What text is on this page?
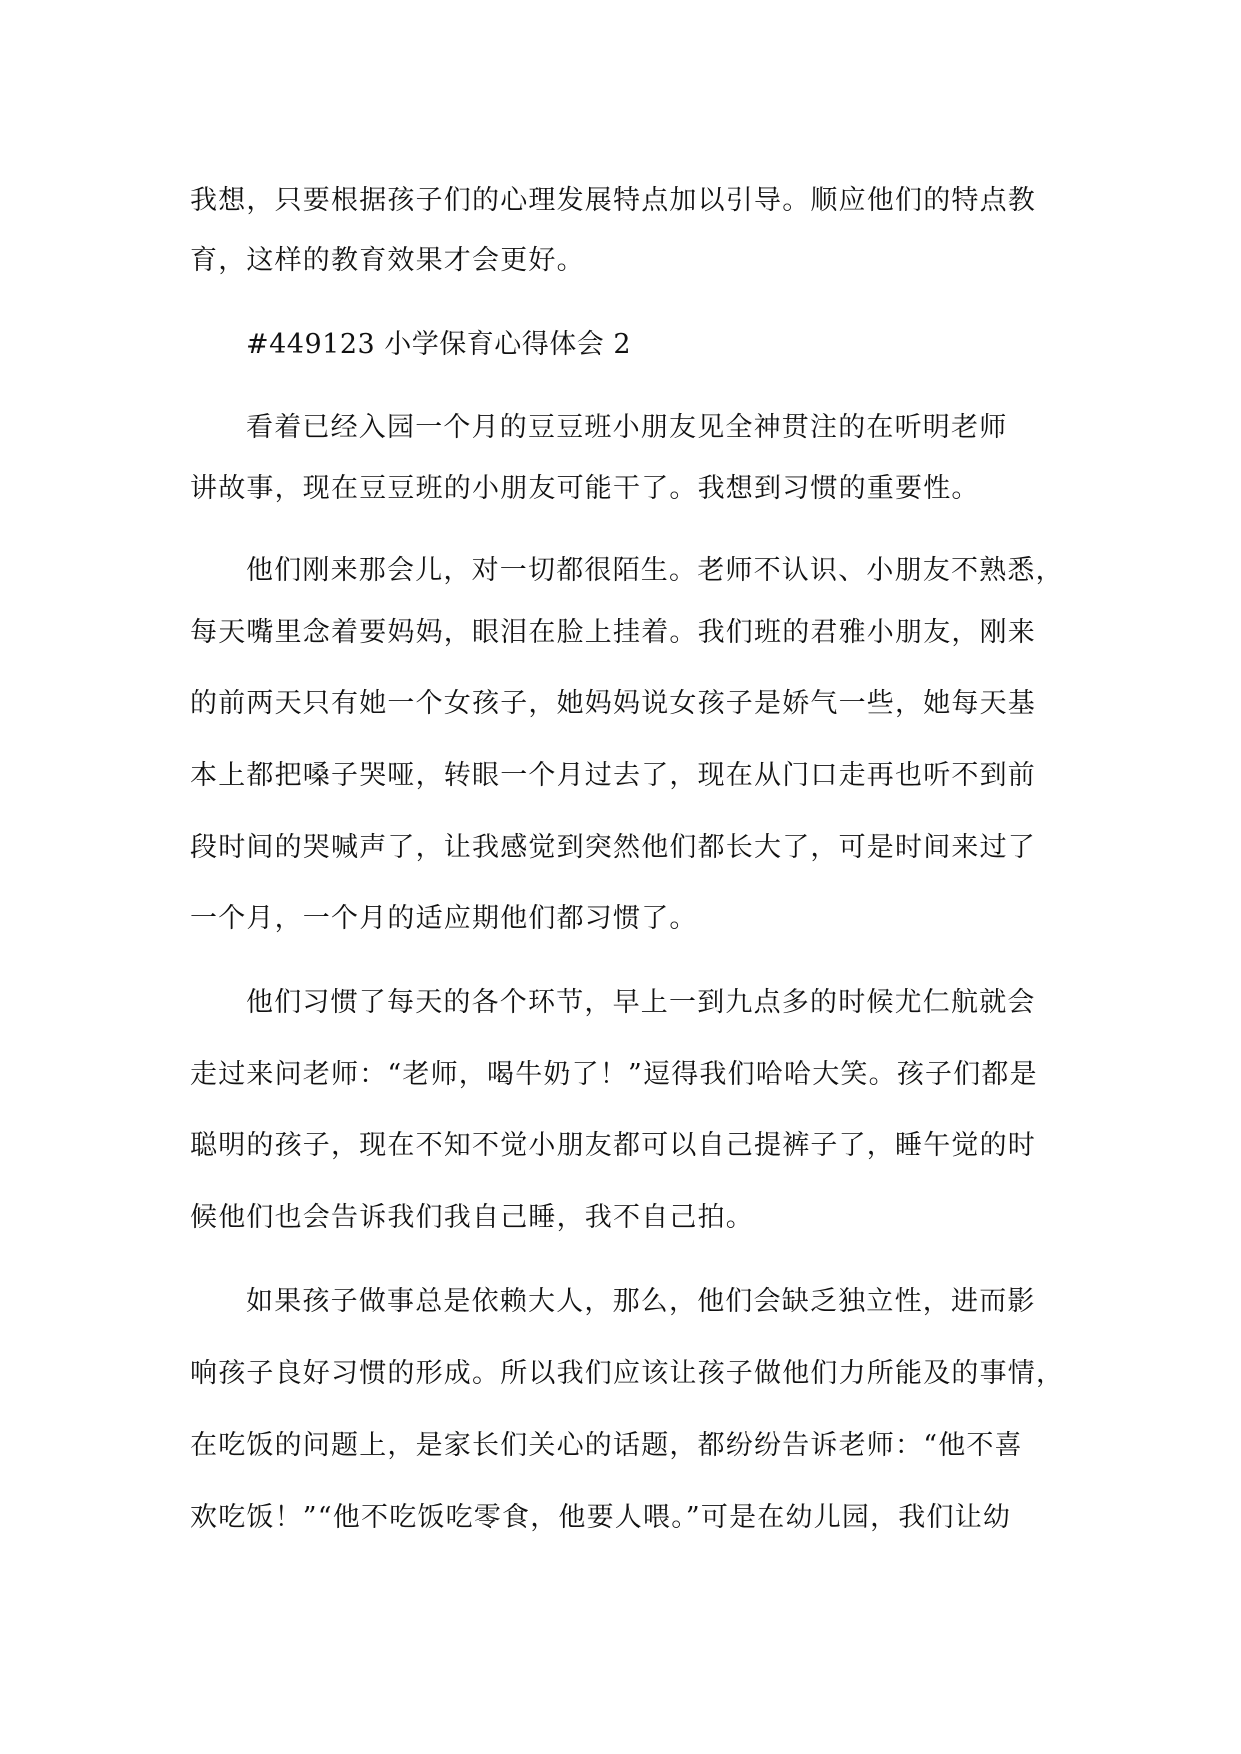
我想，只要根据孩子们的心理发展特点加以引导。顺应他们的特点教
育，这样的教育效果才会更好。
#449123 小学保育心得体会 2
看着已经入园一个月的豆豆班小朋友见全神贯注的在听明老师
讲故事，现在豆豆班的小朋友可能干了。我想到习惯的重要性。
他们刚来那会儿，对一切都很陌生。老师不认识、小朋友不熟悉，
每天嘴里念着要妈妈，眼泪在脸上挂着。我们班的君雅小朋友，刚来
的前两天只有她一个女孩子，她妈妈说女孩子是娇气一些，她每天基
本上都把嗓子哭哑，转眼一个月过去了，现在从门口走再也听不到前
段时间的哭喊声了，让我感觉到突然他们都长大了，可是时间来过了
一个月，一个月的适应期他们都习惯了。
他们习惯了每天的各个环节，早上一到九点多的时候尤仁航就会
走过来问老师：“老师，喝牛奶了！”逗得我们哈哈大笑。孩子们都是
聪明的孩子，现在不知不觉小朋友都可以自己提裤子了，睡午觉的时
候他们也会告诉我们我自己睡，我不自己拍。
如果孩子做事总是依赖大人，那么，他们会缺乏独立性，进而影
响孩子良好习惯的形成。所以我们应该让孩子做他们力所能及的事情，
在吃饭的问题上，是家长们关心的话题，都纷纷告诉老师：“他不喜
欢吃饭！”“他不吃饭吃零食，他要人喂。”可是在幼儿园，我们让幼
